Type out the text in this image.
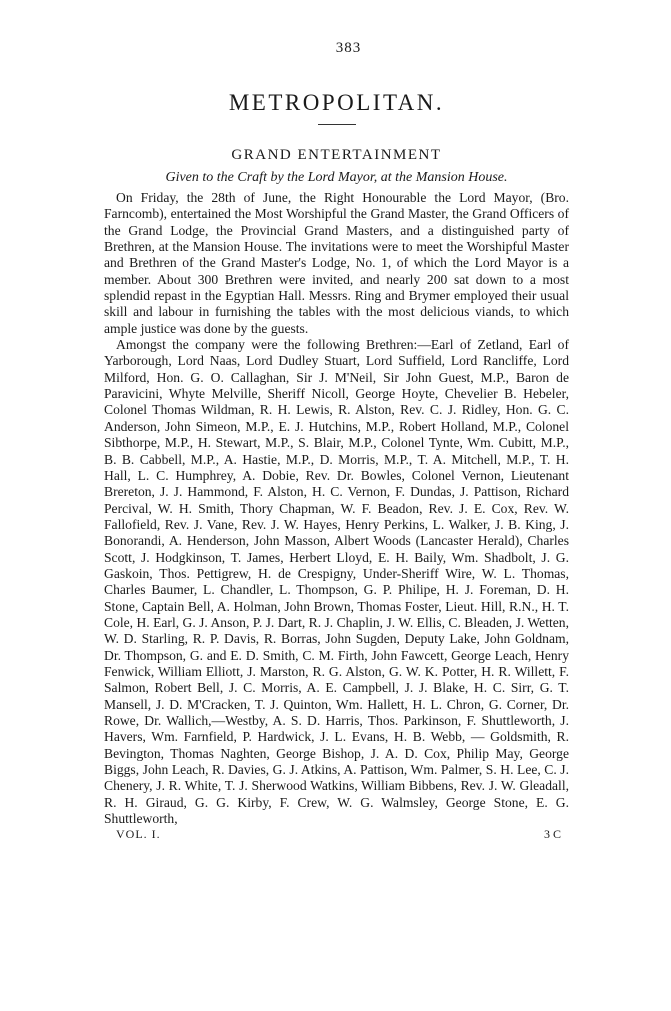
383
METROPOLITAN.
GRAND ENTERTAINMENT

Given to the Craft by the Lord Mayor, at the Mansion House.

On Friday, the 28th of June, the Right Honourable the Lord Mayor, (Bro. Farncomb), entertained the Most Worshipful the Grand Master, the Grand Officers of the Grand Lodge, the Provincial Grand Masters, and a distinguished party of Brethren, at the Mansion House. The invitations were to meet the Worshipful Master and Brethren of the Grand Master's Lodge, No. 1, of which the Lord Mayor is a member. About 300 Brethren were invited, and nearly 200 sat down to a most splendid repast in the Egyptian Hall. Messrs. Ring and Brymer employed their usual skill and labour in furnishing the tables with the most delicious viands, to which ample justice was done by the guests.

Amongst the company were the following Brethren:—Earl of Zetland, Earl of Yarborough, Lord Naas, Lord Dudley Stuart, Lord Suffield, Lord Rancliffe, Lord Milford, Hon. G. O. Callaghan, Sir J. M'Neil, Sir John Guest, M.P., Baron de Paravicini, Whyte Melville, Sheriff Nicoll, George Hoyte, Chevelier B. Hebeler, Colonel Thomas Wildman, R. H. Lewis, R. Alston, Rev. C. J. Ridley, Hon. G. C. Anderson, John Simeon, M.P., E. J. Hutchins, M.P., Robert Holland, M.P., Colonel Sibthorpe, M.P., H. Stewart, M.P., S. Blair, M.P., Colonel Tynte, Wm. Cubitt, M.P., B. B. Cabbell, M.P., A. Hastie, M.P., D. Morris, M.P., T. A. Mitchell, M.P., T. H. Hall, L. C. Humphrey, A. Dobie, Rev. Dr. Bowles, Colonel Vernon, Lieutenant Brereton, J. J. Hammond, F. Alston, H. C. Vernon, F. Dundas, J. Pattison, Richard Percival, W. H. Smith, Thory Chapman, W. F. Beadon, Rev. J. E. Cox, Rev. W. Fallofield, Rev. J. Vane, Rev. J. W. Hayes, Henry Perkins, L. Walker, J. B. King, J. Bonorandi, A. Henderson, John Masson, Albert Woods (Lancaster Herald), Charles Scott, J. Hodgkinson, T. James, Herbert Lloyd, E. H. Baily, Wm. Shadbolt, J. G. Gaskoin, Thos. Pettigrew, H. de Crespigny, Under-Sheriff Wire, W. L. Thomas, Charles Baumer, L. Chandler, L. Thompson, G. P. Philipe, H. J. Foreman, D. H. Stone, Captain Bell, A. Holman, John Brown, Thomas Foster, Lieut. Hill, R.N., H. T. Cole, H. Earl, G. J. Anson, P. J. Dart, R. J. Chaplin, J. W. Ellis, C. Bleaden, J. Wetten, W. D. Starling, R. P. Davis, R. Borras, John Sugden, Deputy Lake, John Goldnam, Dr. Thompson, G. and E. D. Smith, C. M. Firth, John Fawcett, George Leach, Henry Fenwick, William Elliott, J. Marston, R. G. Alston, G. W. K. Potter, H. R. Willett, F. Salmon, Robert Bell, J. C. Morris, A. E. Campbell, J. J. Blake, H. C. Sirr, G. T. Mansell, J. D. M'Cracken, T. J. Quinton, Wm. Hallett, H. L. Chron, G. Corner, Dr. Rowe, Dr. Wallich,—Westby, A. S. D. Harris, Thos. Parkinson, F. Shuttleworth, J. Havers, Wm. Farnfield, P. Hardwick, J. L. Evans, H. B. Webb, — Goldsmith, R. Bevington, Thomas Naghten, George Bishop, J. A. D. Cox, Philip May, George Biggs, John Leach, R. Davies, G. J. Atkins, A. Pattison, Wm. Palmer, S. H. Lee, C. J. Chenery, J. R. White, T. J. Sherwood Watkins, William Bibbens, Rev. J. W. Gleadall, R. H. Giraud, G. G. Kirby, F. Crew, W. G. Walmsley, George Stone, E. G. Shuttleworth,

VOL. I.	3 C
